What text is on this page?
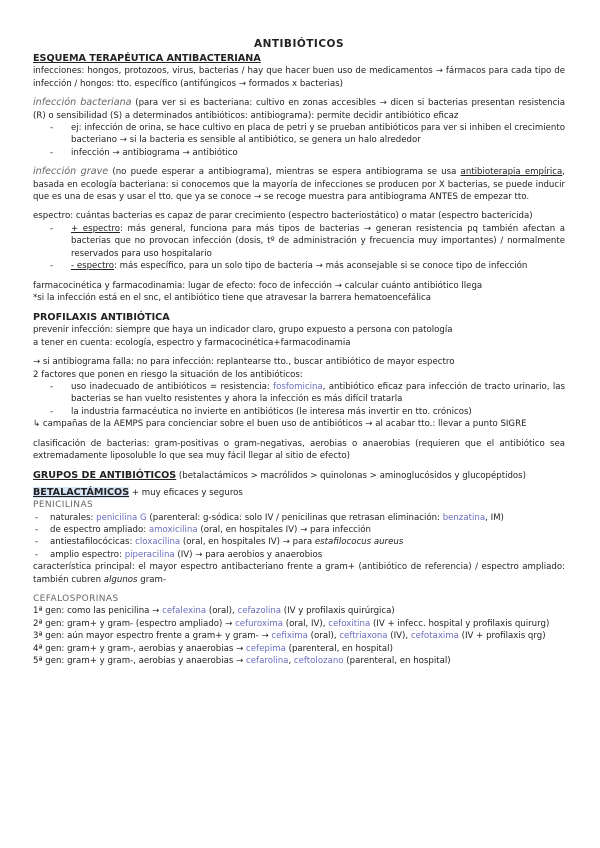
ANTIBIÓTICOS
ESQUEMA TERAPÉUTICA ANTIBACTERIANA

infecciones: hongos, protozoos, virus, bacterias / hay que hacer buen uso de medicamentos → fármacos para cada tipo de infección / hongos: tto. específico (antifúngicos → formados x bacterias)

infección bacteriana (para ver si es bacteriana: cultivo en zonas accesibles → dicen si bacterias presentan resistencia (R) o sensibilidad (S) a determinados antibióticos: antibiograma): permite decidir antibiótico eficaz

- ej: infección de orina, se hace cultivo en placa de petri y se prueban antibióticos para ver si inhiben el crecimiento bacteriano → si la bacteria es sensible al antibiótico, se genera un halo alrededor
- infección → antibiograma → antibiótico

infección grave (no puede esperar a antibiograma), mientras se espera antibiograma se usa antibioterapia empírica, basada en ecología bacteriana: si conocemos que la mayoría de infecciones se producen por X bacterias, se puede inducir que es una de esas y usar el tto. que ya se conoce → se recoge muestra para antibiograma ANTES de empezar tto.

espectro: cuántas bacterias es capaz de parar crecimiento (espectro bacteriostático) o matar (espectro bactericida)

- + espectro: más general, funciona para más tipos de bacterias → generan resistencia pq también afectan a bacterias que no provocan infección (dosis, tº de administración y frecuencia muy importantes) / normalmente reservados para uso hospitalario
- - espectro: más específico, para un solo tipo de bacteria → más aconsejable si se conoce tipo de infección

farmacocinética y farmacodinamia: lugar de efecto: foco de infección → calcular cuánto antibiótico llega

*si la infección está en el snc, el antibiótico tiene que atravesar la barrera hematoencefálica

PROFILAXIS ANTIBIÓTICA

prevenir infección: siempre que haya un indicador claro, grupo expuesto a persona con patología

a tener en cuenta: ecología, espectro y farmacocinética+farmacodinamia

→ si antibiograma falla: no para infección: replantearse tto., buscar antibiótico de mayor espectro

2 factores que ponen en riesgo la situación de los antibióticos:

- uso inadecuado de antibióticos = resistencia: fosfomicina, antibiótico eficaz para infección de tracto urinario, las bacterias se han vuelto resistentes y ahora la infección es más difícil tratarla
- la industria farmacéutica no invierte en antibióticos (le interesa más invertir en tto. crónicos)

↳ campañas de la AEMPS para concienciar sobre el buen uso de antibióticos → al acabar tto.: llevar a punto SIGRE

clasificación de bacterias: gram-positivas o gram-negativas, aerobias o anaerobias (requieren que el antibiótico sea extremadamente liposoluble lo que sea muy fácil llegar al sitio de efecto)

GRUPOS DE ANTIBIÓTICOS (betalactámicos > macrólidos > quinolonas > aminoglucósidos y glucopéptidos)

BETALACTÁMICOS + muy eficaces y seguros

PENICILINAS
- naturales: penicilina G (parenteral: g-sódica: solo IV / penicilinas que retrasan eliminación: benzatina, IM)
- de espectro ampliado: amoxicilina (oral, en hospitales IV) → para infección
- antiestafilocócicas: cloxacilina (oral, en hospitales IV) → para estafilococus aureus
- amplio espectro: piperacilina (IV) → para aerobios y anaerobios

característica principal: el mayor espectro antibacteriano frente a gram+ (antibiótico de referencia) / espectro ampliado: también cubren algunos gram-

CEFALOSPORINAS

1ª gen: como las penicilina → cefalexina (oral), cefazolina (IV y profilaxis quirúrgica)

2ª gen: gram+ y gram- (espectro ampliado) → cefuroxima (oral, IV), cefoxitina (IV + infecc. hospital y profilaxis quirurg)

3ª gen: aún mayor espectro frente a gram+ y gram- → cefixima (oral), ceftriaxona (IV), cefotaxima (IV + profilaxis qrg)

4ª gen: gram+ y gram-, aerobias y anaerobias → cefepima (parenteral, en hospital)

5ª gen: gram+ y gram-, aerobias y anaerobias → cefarolina, ceftolozano (parenteral, en hospital)
